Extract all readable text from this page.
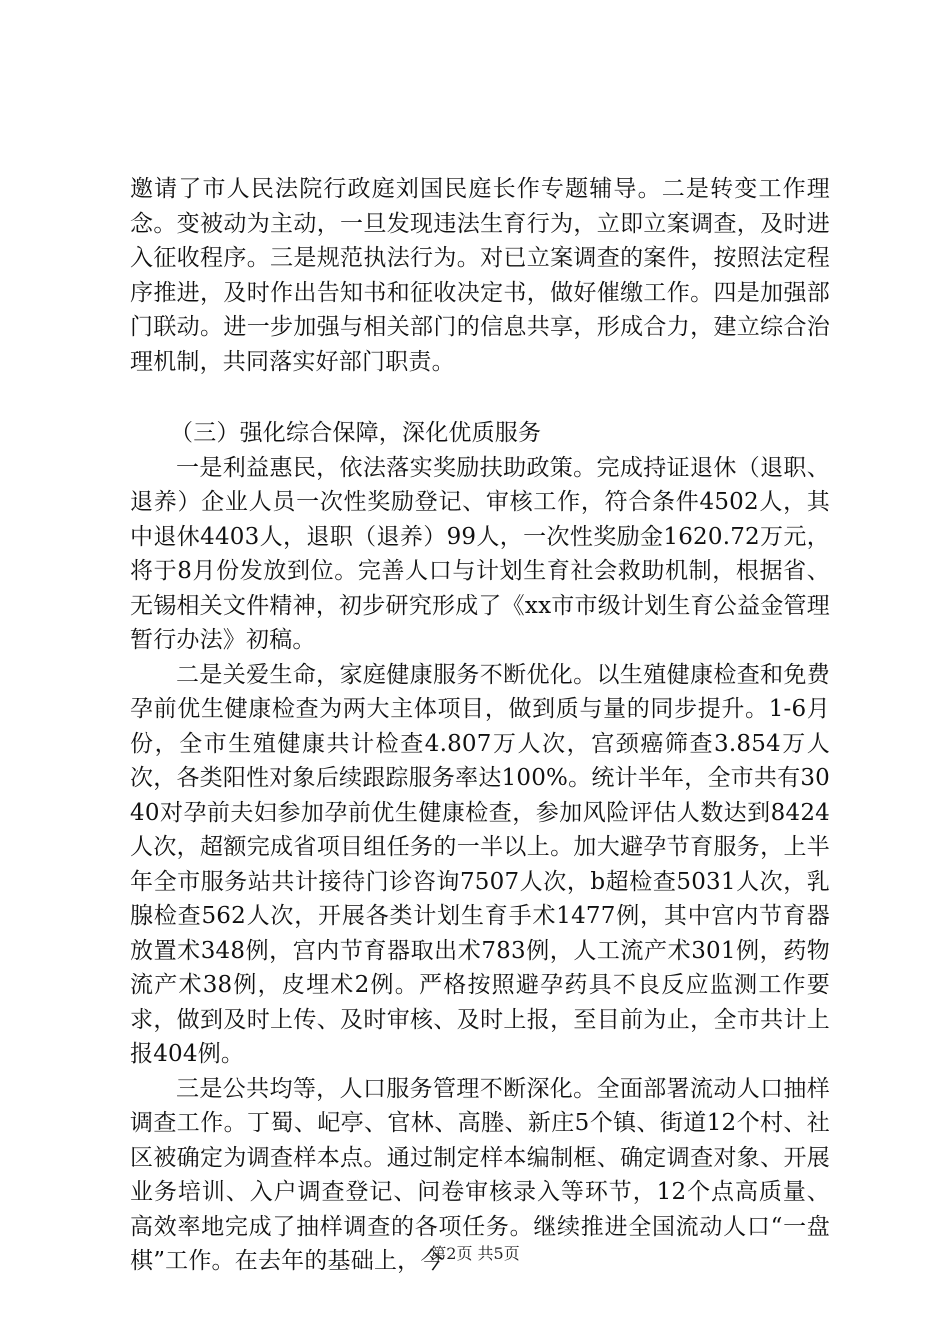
邀请了市人民法院行政庭刘国民庭长作专题辅导。二是转变工作理念。变被动为主动，一旦发现违法生育行为，立即立案调查，及时进入征收程序。三是规范执法行为。对已立案调查的案件，按照法定程序推进，及时作出告知书和征收决定书，做好催缴工作。四是加强部门联动。进一步加强与相关部门的信息共享，形成合力，建立综合治理机制，共同落实好部门职责。

（三）强化综合保障，深化优质服务

一是利益惠民，依法落实奖励扶助政策。完成持证退休（退职、退养）企业人员一次性奖励登记、审核工作，符合条件4502人，其中退休4403人，退职（退养）99人，一次性奖励金1620.72万元，将于8月份发放到位。完善人口与计划生育社会救助机制，根据省、无锡相关文件精神，初步研究形成了《xx市市级计划生育公益金管理暂行办法》初稿。

二是关爱生命，家庭健康服务不断优化。以生殖健康检查和免费孕前优生健康检查为两大主体项目，做到质与量的同步提升。1-6月份，全市生殖健康共计检查4.807万人次，宫颈癌筛查3.854万人次，各类阳性对象后续跟踪服务率达100%。统计半年，全市共有3040对孕前夫妇参加孕前优生健康检查，参加风险评估人数达到8424人次，超额完成省项目组任务的一半以上。加大避孕节育服务，上半年全市服务站共计接待门诊咨询7507人次，b超检查5031人次，乳腺检查562人次，开展各类计划生育手术1477例，其中宫内节育器放置术348例，宫内节育器取出术783例，人工流产术301例，药物流产术38例，皮埋术2例。严格按照避孕药具不良反应监测工作要求，做到及时上传、及时审核、及时上报，至目前为止，全市共计上报404例。

三是公共均等，人口服务管理不断深化。全面部署流动人口抽样调查工作。丁蜀、屺亭、官林、高塍、新庄5个镇、街道12个村、社区被确定为调查样本点。通过制定样本编制框、确定调查对象、开展业务培训、入户调查登记、问卷审核录入等环节，12个点高质量、高效率地完成了抽样调查的各项任务。继续推进全国流动人口“一盘棋”工作。在去年的基础上，今

第2页 共5页
